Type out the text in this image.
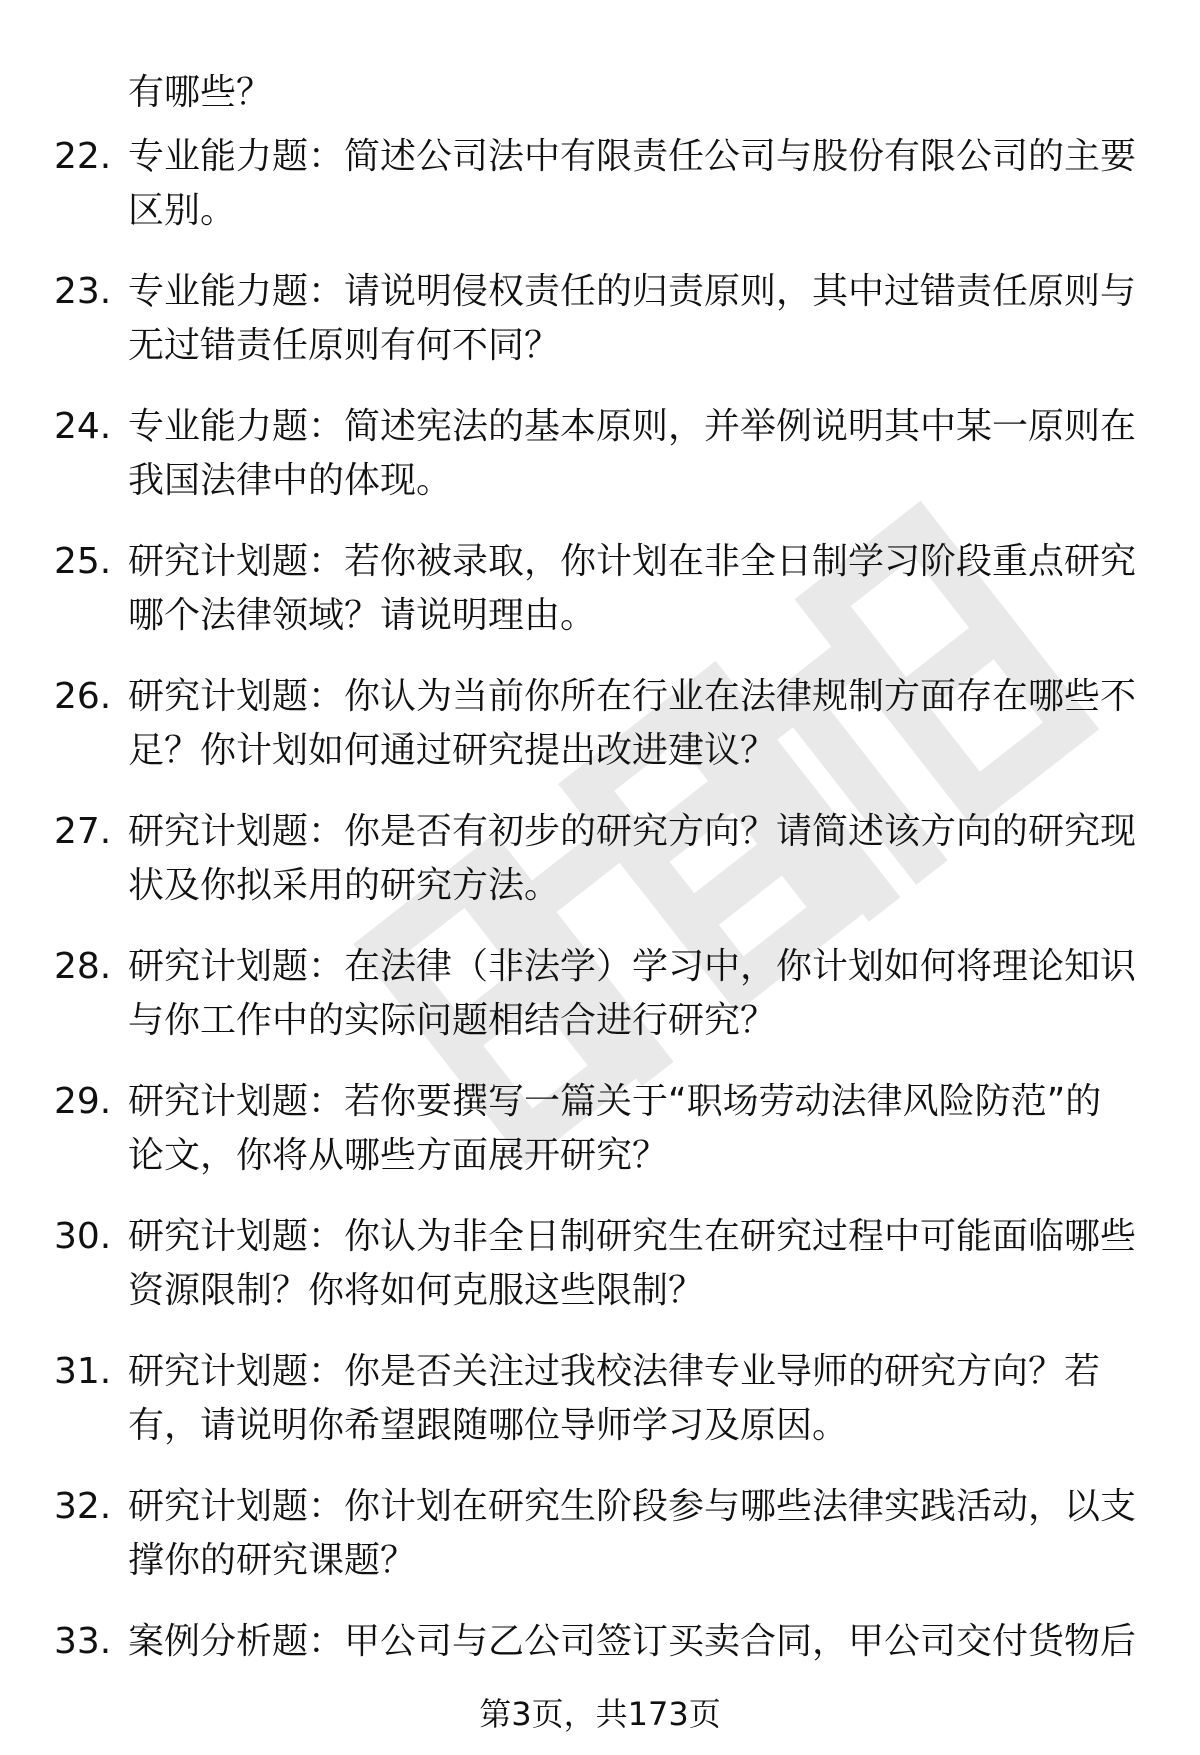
有哪些？
22. 专业能力题：简述公司法中有限责任公司与股份有限公司的主要
区别。
23. 专业能力题：请说明侵权责任的归责原则，其中过错责任原则与
无过错责任原则有何不同？
24. 专业能力题：简述宪法的基本原则，并举例说明其中某一原则在
我国法律中的体现。
25. 研究计划题：若你被录取，你计划在非全日制学习阶段重点研究
哪个法律领域？请说明理由。
26. 研究计划题：你认为当前你所在行业在法律规制方面存在哪些不
足？你计划如何通过研究提出改进建议？
27. 研究计划题：你是否有初步的研究方向？请简述该方向的研究现
状及你拟采用的研究方法。
28. 研究计划题：在法律（非法学）学习中，你计划如何将理论知识
与你工作中的实际问题相结合进行研究？
29. 研究计划题：若你要撰写一篇关于“职场劳动法律风险防范”的
论文，你将从哪些方面展开研究？
30. 研究计划题：你认为非全日制研究生在研究过程中可能面临哪些
资源限制？你将如何克服这些限制？
31. 研究计划题：你是否关注过我校法律专业导师的研究方向？若
有，请说明你希望跟随哪位导师学习及原因。
32. 研究计划题：你计划在研究生阶段参与哪些法律实践活动，以支
撑你的研究课题？
33. 案例分析题：甲公司与乙公司签订买卖合同，甲公司交付货物后
第3页，共173页
